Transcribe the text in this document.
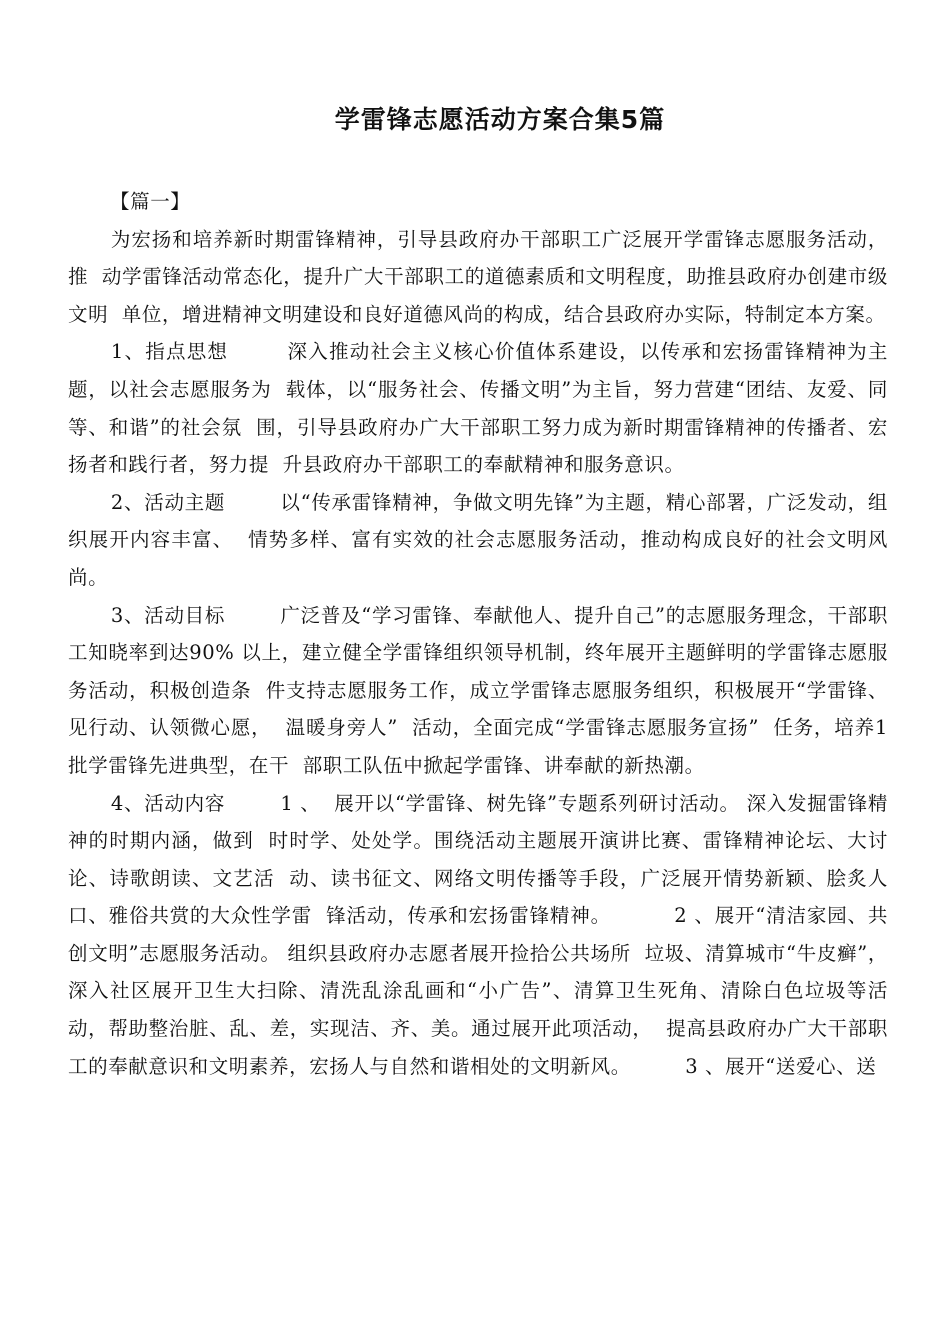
学雷锋志愿活动方案合集5篇

【篇一】

为宏扬和培养新时期雷锋精神，引导县政府办干部职工广泛展开学雷锋志愿服务活动，推  动学雷锋活动常态化，提升广大干部职工的道德素质和文明程度，助推县政府办创建市级文明  单位，增进精神文明建设和良好道德风尚的构成，结合县政府办实际，特制定本方案。

1、指点思想        深入推动社会主义核心价值体系建设，以传承和宏扬雷锋精神为主题，以社会志愿服务为  载体，以“服务社会、传播文明”为主旨，努力营建“团结、友爱、同等、和谐”的社会氛  围，引导县政府办广大干部职工努力成为新时期雷锋精神的传播者、宏扬者和践行者，努力提  升县政府办干部职工的奉献精神和服务意识。

2、活动主题        以“传承雷锋精神，争做文明先锋”为主题，精心部署，广泛发动，组织展开内容丰富、  情势多样、富有实效的社会志愿服务活动，推动构成良好的社会文明风尚。

3、活动目标        广泛普及“学习雷锋、奉献他人、提升自己”的志愿服务理念，干部职工知晓率到达90% 以上，建立健全学雷锋组织领导机制，终年展开主题鲜明的学雷锋志愿服务活动，积极创造条  件支持志愿服务工作，成立学雷锋志愿服务组织，积极展开“学雷锋、见行动、认领微心愿，  温暖身旁人”  活动，全面完成“学雷锋志愿服务宣扬”  任务，培养1批学雷锋先进典型，在干  部职工队伍中掀起学雷锋、讲奉献的新热潮。

4、活动内容        1 、  展开以“学雷锋、树先锋”专题系列研讨活动。 深入发掘雷锋精神的时期内涵，做到  时时学、处处学。围绕活动主题展开演讲比赛、雷锋精神论坛、大讨论、诗歌朗读、文艺活  动、读书征文、网络文明传播等手段，广泛展开情势新颖、脍炙人口、雅俗共赏的大众性学雷  锋活动，传承和宏扬雷锋精神。         2 、展开“清洁家园、共创文明”志愿服务活动。 组织县政府办志愿者展开捡拾公共场所  垃圾、清算城市“牛皮癣”，深入社区展开卫生大扫除、清洗乱涂乱画和“小广告”、清算卫生死角、清除白色垃圾等活动，帮助整治脏、乱、差，实现洁、齐、美。通过展开此项活动，  提高县政府办广大干部职工的奉献意识和文明素养，宏扬人与自然和谐相处的文明新风。        3 、展开“送爱心、送
